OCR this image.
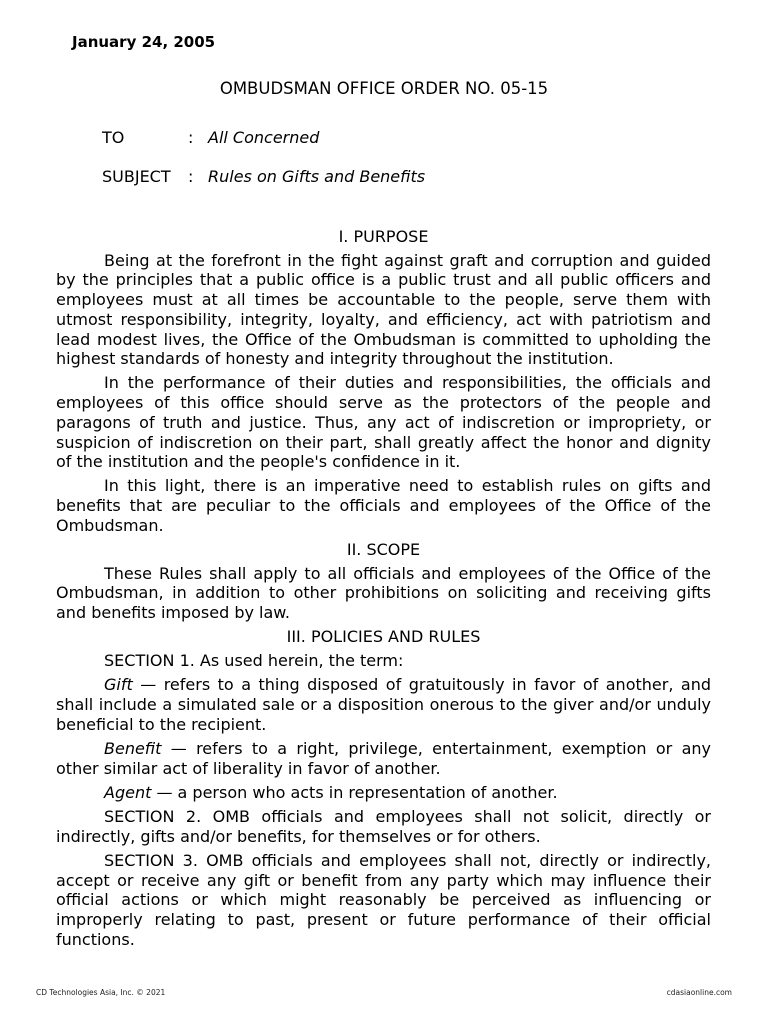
January 24, 2005
OMBUDSMAN OFFICE ORDER NO. 05-15
TO	: All Concerned
SUBJECT : Rules on Gifts and Benefits
I. PURPOSE

Being at the forefront in the fight against graft and corruption and guided by the principles that a public office is a public trust and all public officers and employees must at all times be accountable to the people, serve them with utmost responsibility, integrity, loyalty, and efficiency, act with patriotism and lead modest lives, the Office of the Ombudsman is committed to upholding the highest standards of honesty and integrity throughout the institution.

In the performance of their duties and responsibilities, the officials and employees of this office should serve as the protectors of the people and paragons of truth and justice. Thus, any act of indiscretion or impropriety, or suspicion of indiscretion on their part, shall greatly affect the honor and dignity of the institution and the people's confidence in it.

In this light, there is an imperative need to establish rules on gifts and benefits that are peculiar to the officials and employees of the Office of the Ombudsman.

II. SCOPE

These Rules shall apply to all officials and employees of the Office of the Ombudsman, in addition to other prohibitions on soliciting and receiving gifts and benefits imposed by law.

III. POLICIES AND RULES

SECTION 1. As used herein, the term:

Gift — refers to a thing disposed of gratuitously in favor of another, and shall include a simulated sale or a disposition onerous to the giver and/or unduly beneficial to the recipient.

Benefit — refers to a right, privilege, entertainment, exemption or any other similar act of liberality in favor of another.

Agent — a person who acts in representation of another.

SECTION 2. OMB officials and employees shall not solicit, directly or indirectly, gifts and/or benefits, for themselves or for others.

SECTION 3. OMB officials and employees shall not, directly or indirectly, accept or receive any gift or benefit from any party which may influence their official actions or which might reasonably be perceived as influencing or improperly relating to past, present or future performance of their official functions.

CD Technologies Asia, Inc. © 2021	cdasiaonline.com
